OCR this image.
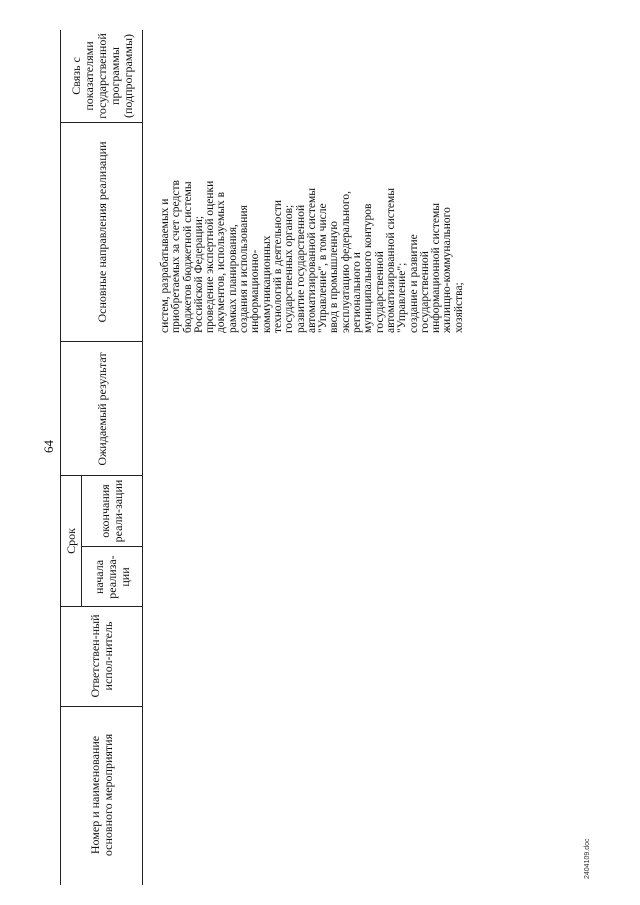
64
Номер и наименование основного мероприятия
Ответствен-ный испол-нитель
Срок
начала реализа-ции
окончания реали-зации
Ожидаемый результат
Основные направления реализации
Связь с показателями государственной программы (подпрограммы)
систем, разрабатываемых и
приобретаемых за счет средств
бюджетов бюджетной системы
Российской Федерации;
проведение экспертной оценки
документов, используемых в
рамках планирования,
создания и использования
информационно-
коммуникационных
технологий в деятельности
государственных органов;
развитие государственной
автоматизированной системы
"Управление", в том числе
ввод в промышленную
эксплуатацию федерального,
регионального и
муниципального контуров
государственной
автоматизированной системы
"Управление";
создание и развитие
государственной
информационной системы
жилищно-коммунального
хозяйства;
2404109.doc
